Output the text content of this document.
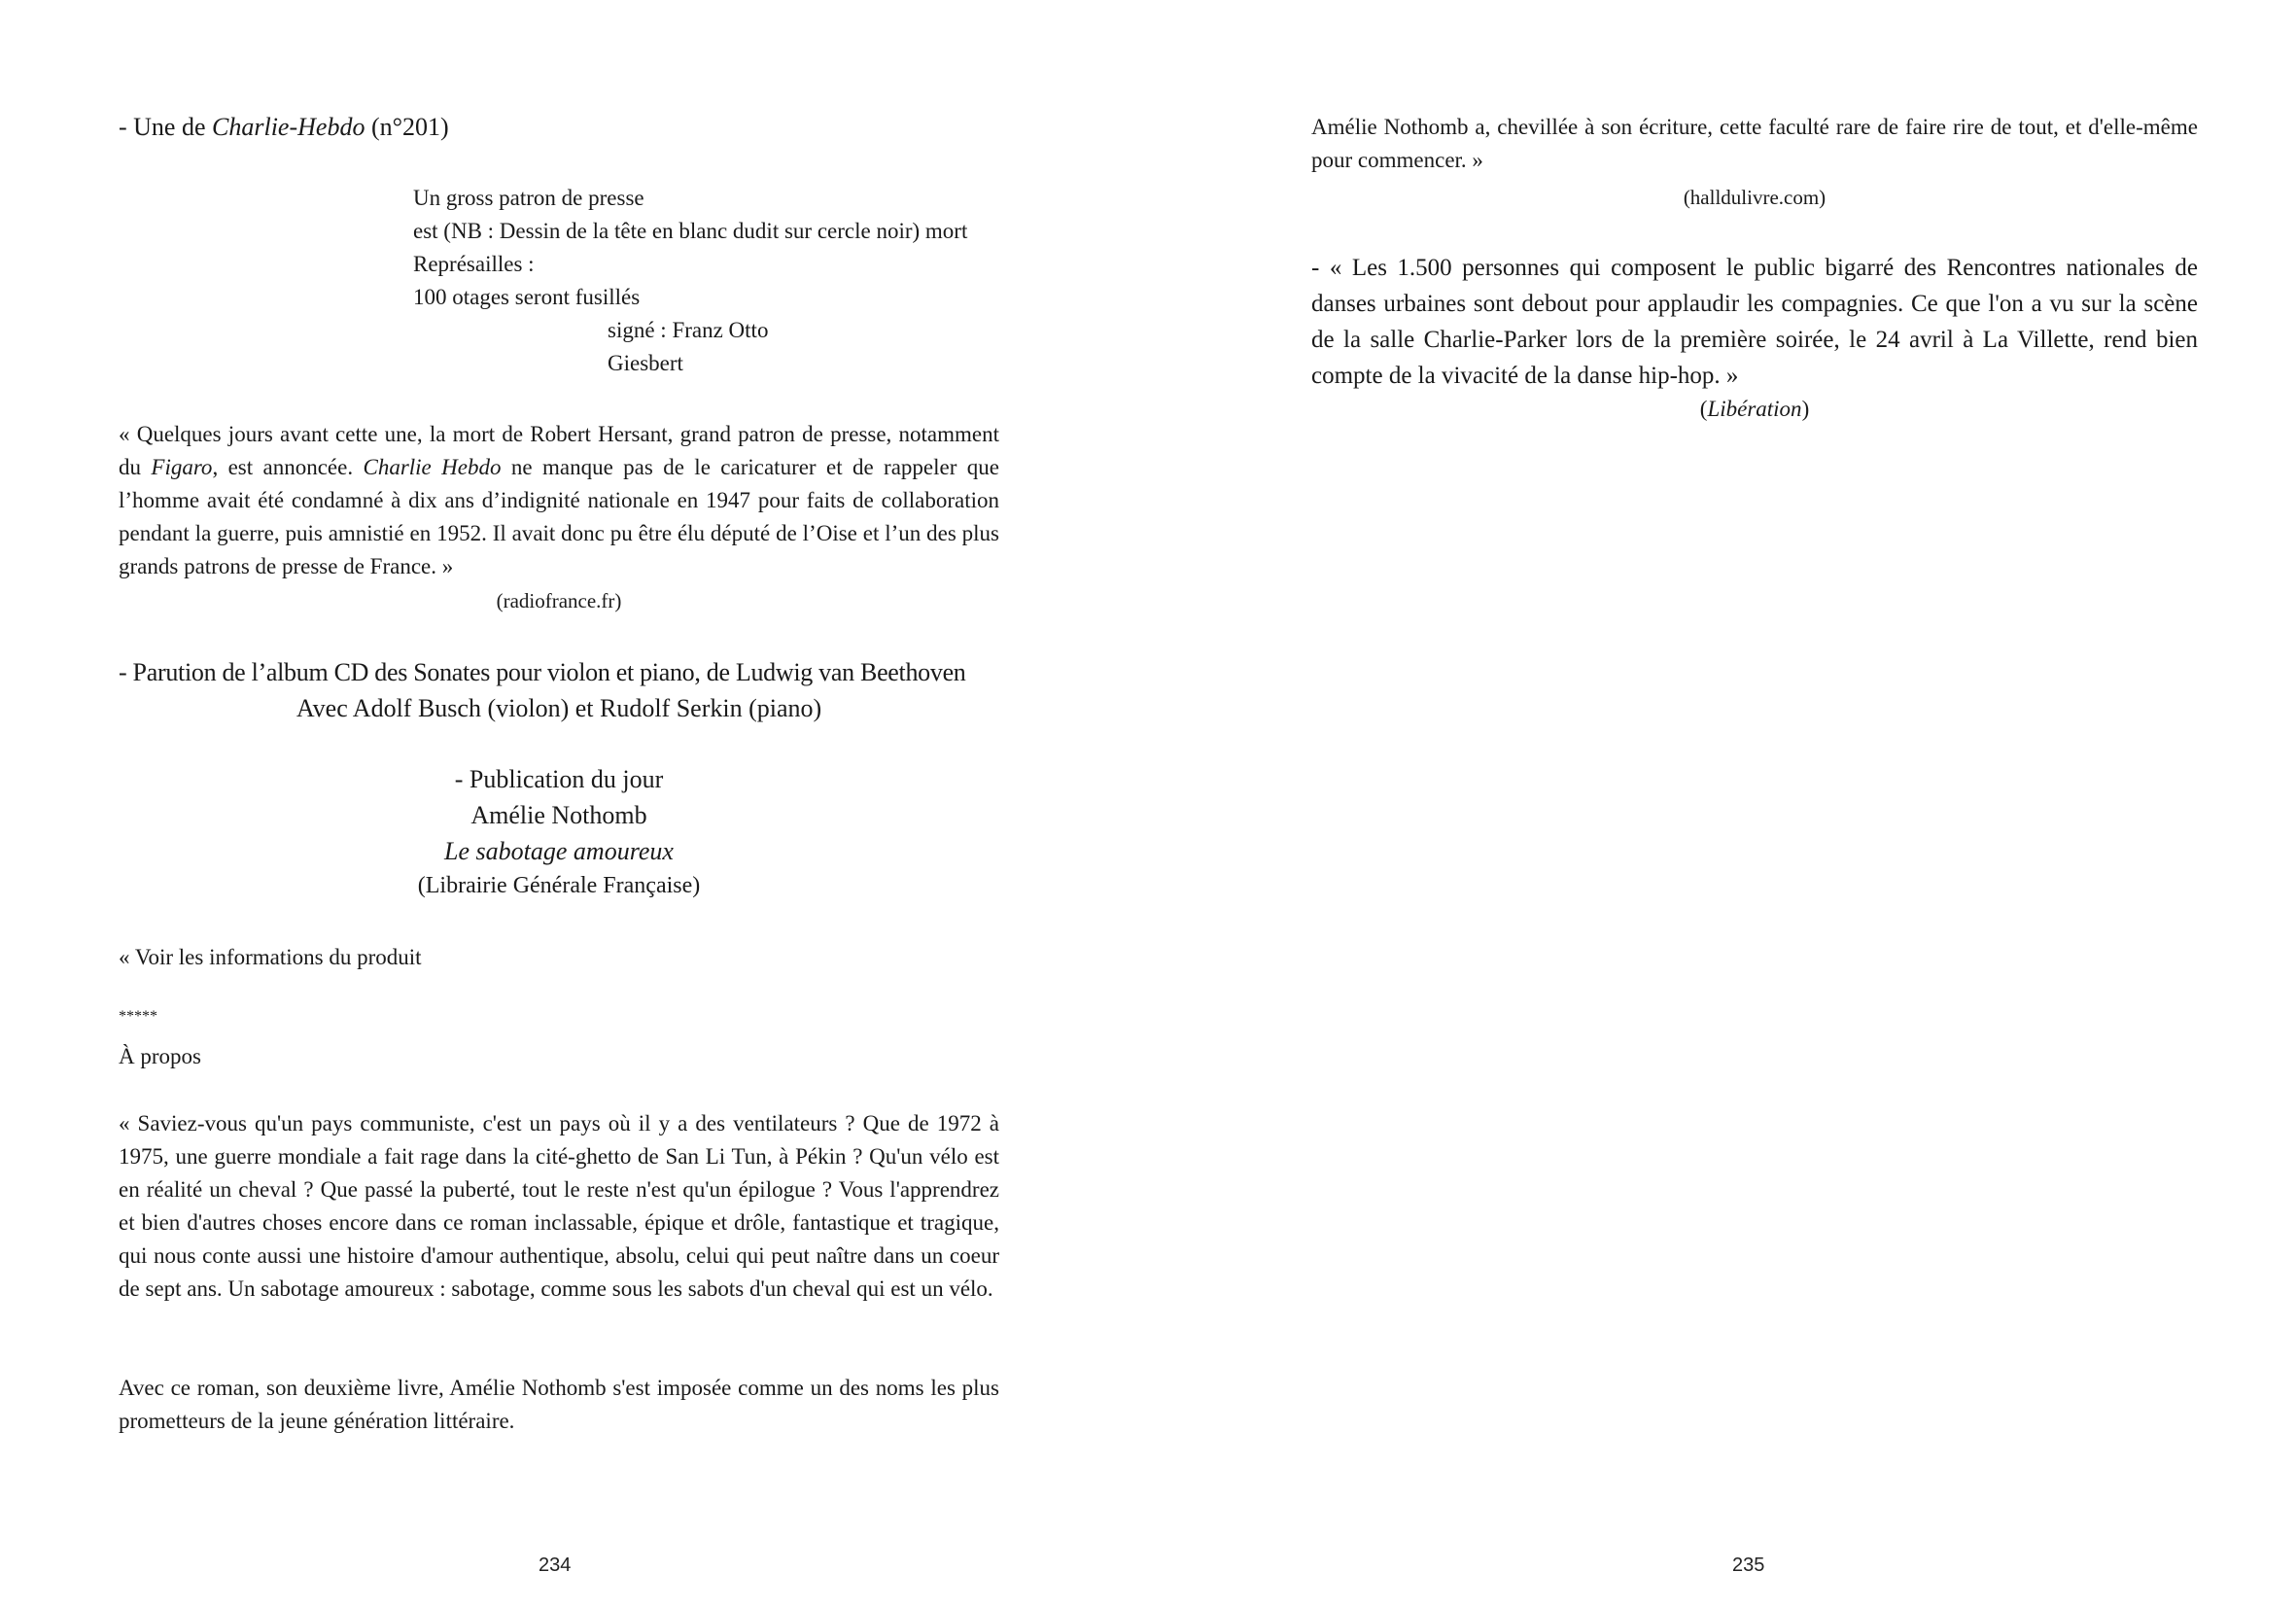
- Une de Charlie-Hebdo (n°201)

Un gross patron de presse

est (NB : Dessin de la tête en blanc dudit sur cercle noir) mort

Représailles :

100 otages seront fusillés

signé : Franz Otto

Giesbert

« Quelques jours avant cette une, la mort de Robert Hersant, grand patron de presse, notamment du Figaro, est annoncée. Charlie Hebdo ne manque pas de le caricaturer et de rappeler que l’homme avait été condamné à dix ans d’indignité nationale en 1947 pour faits de collaboration pendant la guerre, puis amnistié en 1952. Il avait donc pu être élu député de l’Oise et l’un des plus grands patrons de presse de France. »

(radiofrance.fr)

- Parution de l’album CD des Sonates pour violon et piano, de Ludwig van Beethoven

Avec Adolf Busch (violon) et Rudolf Serkin (piano)

- Publication du jour

Amélie Nothomb

Le sabotage amoureux

(Librairie Générale Française)

« Voir les informations du produit

*****

À propos

« Saviez-vous qu'un pays communiste, c'est un pays où il y a des ventilateurs ? Que de 1972 à 1975, une guerre mondiale a fait rage dans la cité-ghetto de San Li Tun, à Pékin ? Qu'un vélo est en réalité un cheval ? Que passé la puberté, tout le reste n'est qu'un épilogue ? Vous l'apprendrez et bien d'autres choses encore dans ce roman inclassable, épique et drôle, fantastique et tragique, qui nous conte aussi une histoire d'amour authentique, absolu, celui qui peut naître dans un coeur de sept ans. Un sabotage amoureux : sabotage, comme sous les sabots d'un cheval qui est un vélo.

Avec ce roman, son deuxième livre, Amélie Nothomb s'est imposée comme un des noms les plus prometteurs de la jeune génération littéraire.

234

Amélie Nothomb a, chevillée à son écriture, cette faculté rare de faire rire de tout, et d'elle-même pour commencer. »

(halldulivre.com)

- « Les 1.500 personnes qui composent le public bigarré des Rencontres nationales de danses urbaines sont debout pour applaudir les compagnies. Ce que l'on a vu sur la scène de la salle Charlie-Parker lors de la première soirée, le 24 avril à La Villette, rend bien compte de la vivacité de la danse hip-hop. »

(Libération)

235
